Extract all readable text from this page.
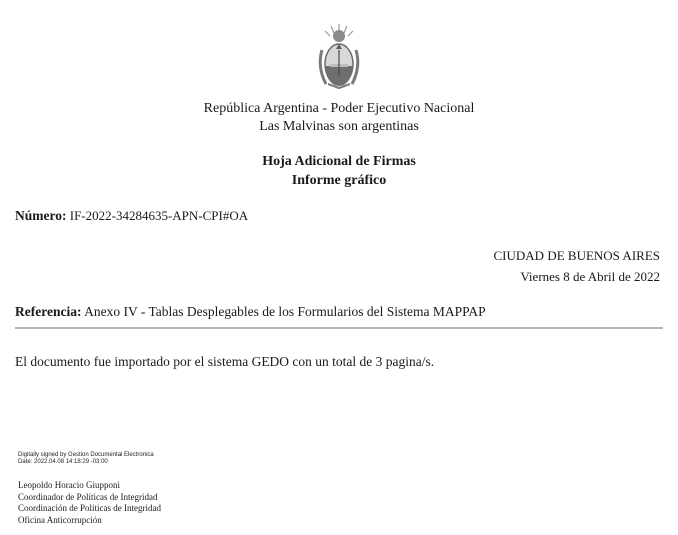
República Argentina - Poder Ejecutivo Nacional
Las Malvinas son argentinas
Hoja Adicional de Firmas
Informe gráfico
Número: IF-2022-34284635-APN-CPI#OA
CIUDAD DE BUENOS AIRES
Viernes 8 de Abril de 2022
Referencia: Anexo IV - Tablas Desplegables de los Formularios del Sistema MAPPAP
El documento fue importado por el sistema GEDO con un total de 3 pagina/s.
Digitally signed by Gestion Documental Electronica
Date: 2022.04.08 14:18:29 -03:00
Leopoldo Horacio Giupponi
Coordinador de Políticas de Integridad
Coordinación de Políticas de Integridad
Oficina Anticorrupción
